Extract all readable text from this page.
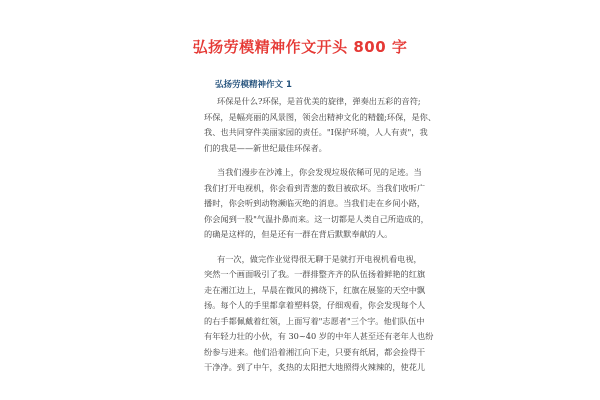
弘扬劳模精神作文开头 800 字
弘扬劳模精神作文 1
环保是什么?环保，是首优美的旋律，弹奏出五彩的音符;
环保，是幅亮丽的风景图，领会出精神文化的精髓;环保，是你、
我、也共同穿件美丽家园的责任。"I保护环境，人人有责"，我
们的我是——新世纪最佳环保者。
当我们漫步在沙滩上，你会发现垃圾依稀可见的足迹。当
我们打开电视机，你会看到青葱的数目被砍坏。当我们收听广
播时，你会听到动物濒临灭绝的消息。当我们走在乡间小路，
你会闻到一股"气温扑鼻而来。这一切都是人类自己所造成的，
的确是这样的，但是还有一群在背后默默奉献的人。
有一次，做完作业觉得很无聊于是就打开电视机看电视，
突然一个画面吸引了我。一群排整齐齐的队伍扬着鲜艳的红旗
走在湘江边上，旱晨在微风的拂绕下，红旗在展鉴的天空中飘
扬。每个人的手里都拿着塑料袋，仔细观看，你会发现每个人
的右手都佩戴着红领，上面写着"志愿者"三个字。他们队伍中
有年轻力壮的小伙，有 30~40 岁的中年人甚至还有老年人也纷
纷参与进来。他们沿着湘江向下走，只要有纸屑，都会捡得干
干净净。到了中午，炙热的太阳把大地照得火辣辣的，使花儿
